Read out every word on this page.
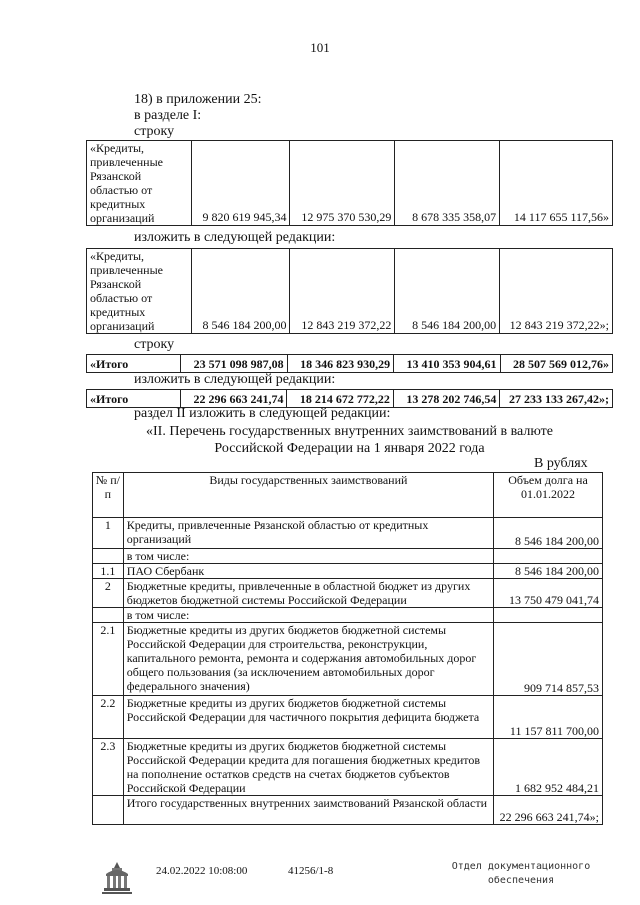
101
18) в приложении 25:
в разделе I:
строку
«Кредиты, привлеченные Рязанской областью от кредитных организаций	9 820 619 945,34	12 975 370 530,29	8 678 335 358,07	14 117 655 117,56»
изложить в следующей редакции:
«Кредиты, привлеченные Рязанской областью от кредитных организаций	8 546 184 200,00	12 843 219 372,22	8 546 184 200,00	12 843 219 372,22»;
строку
«Итого	23 571 098 987,08	18 346 823 930,29	13 410 353 904,61	28 507 569 012,76»
изложить в следующей редакции:
«Итого	22 296 663 241,74	18 214 672 772,22	13 278 202 746,54	27 233 133 267,42»;
раздел II изложить в следующей редакции:
«II. Перечень государственных внутренних заимствований в валюте
Российской Федерации на 1 января 2022 года
В рублях
№ п/п	Виды государственных заимствований	Объем долга на 01.01.2022
1	Кредиты, привлеченные Рязанской областью от кредитных организаций	8 546 184 200,00
	в том числе:	
1.1	ПАО Сбербанк	8 546 184 200,00
2	Бюджетные кредиты, привлеченные в областной бюджет из других бюджетов бюджетной системы Российской Федерации	13 750 479 041,74
	в том числе:	
2.1	Бюджетные кредиты из других бюджетов бюджетной системы Российской Федерации для строительства, реконструкции, капитального ремонта, ремонта и содержания автомобильных дорог общего пользования (за исключением автомобильных дорог федерального значения)	909 714 857,53
2.2	Бюджетные кредиты из других бюджетов бюджетной системы Российской Федерации для частичного покрытия дефицита бюджета	11 157 811 700,00
2.3	Бюджетные кредиты из других бюджетов бюджетной системы Российской Федерации кредита для погашения бюджетных кредитов на пополнение остатков средств на счетах бюджетов субъектов Российской Федерации	1 682 952 484,21
	Итого государственных внутренних заимствований Рязанской области	22 296 663 241,74»;
24.02.2022 10:08:00	41256/1-8	Отдел документационного
обеспечения
